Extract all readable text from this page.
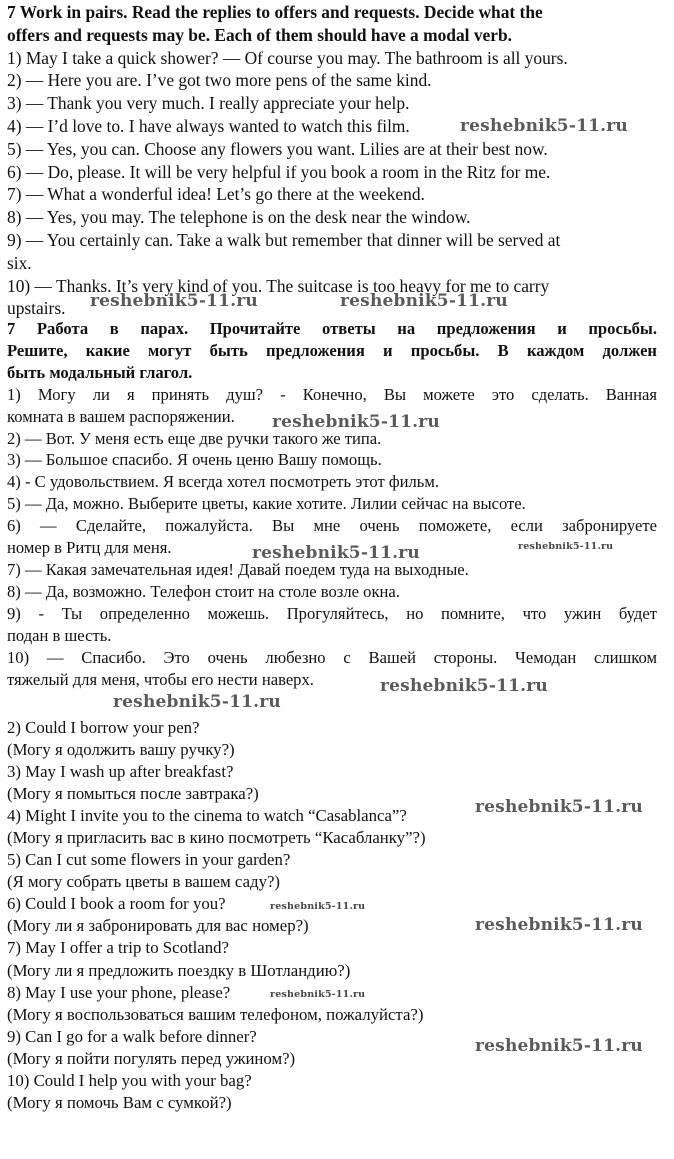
7 Work in pairs. Read the replies to offers and requests. Decide what the
offers and requests may be. Each of them should have a modal verb.
1) May I take a quick shower? — Of course you may. The bathroom is all yours.
2) — Here you are. I’ve got two more pens of the same kind.
3) — Thank you very much. I really appreciate your help.
4) — I’d love to. I have always wanted to watch this film.
5) — Yes, you can. Choose any flowers you want. Lilies are at their best now.
6) — Do, please. It will be very helpful if you book a room in the Ritz for me.
7) — What a wonderful idea! Let’s go there at the weekend.
8) — Yes, you may. The telephone is on the desk near the window.
9) — You certainly can. Take a walk but remember that dinner will be served at
six.
10) — Thanks. It’s very kind of you. The suitcase is too heavy for me to carry
upstairs.
7 Работа в парах. Прочитайте ответы на предложения и просьбы.
Решите, какие могут быть предложения и просьбы. В каждом должен
быть модальный глагол.
1) Могу ли я принять душ? - Конечно, Вы можете это сделать. Ванная
комната в вашем распоряжении.
2) — Вот. У меня есть еще две ручки такого же типа.
3) — Большое спасибо. Я очень ценю Вашу помощь.
4) - С удовольствием. Я всегда хотел посмотреть этот фильм.
5) — Да, можно. Выберите цветы, какие хотите. Лилии сейчас на высоте.
6) — Сделайте, пожалуйста. Вы мне очень поможете, если забронируете
номер в Ритц для меня.
7) — Какая замечательная идея! Давай поедем туда на выходные.
8) — Да, возможно. Телефон стоит на столе возле окна.
9) - Ты определенно можешь. Прогуляйтесь, но помните, что ужин будет
подан в шесть.
10) — Спасибо. Это очень любезно с Вашей стороны. Чемодан слишком
тяжелый для меня, чтобы его нести наверх.
2) Could I borrow your pen?
(Могу я одолжить вашу ручку?)
3) May I wash up after breakfast?
(Могу я помыться после завтрака?)
4) Might I invite you to the cinema to watch “Casablanca”?
(Могу я пригласить вас в кино посмотреть “Касабланку”?)
5) Can I cut some flowers in your garden?
(Я могу собрать цветы в вашем саду?)
6) Could I book a room for you?
(Могу ли я забронировать для вас номер?)
7) May I offer a trip to Scotland?
(Могу ли я предложить поездку в Шотландию?)
8) May I use your phone, please?
(Могу я воспользоваться вашим телефоном, пожалуйста?)
9) Can I go for a walk before dinner?
(Могу я пойти погулять перед ужином?)
10) Could I help you with your bag?
(Могу я помочь Вам с сумкой?)
reshebnik5-11.ru
reshebnik5-11.ru	reshebnik5-11.ru
reshebnik5-11.ru
reshebnik5-11.ru	reshebnik5-11.ru
reshebnik5-11.ru
reshebnik5-11.ru
reshebnik5-11.ru
reshebnik5-11.ru
reshebnik5-11.ru
reshebnik5-11.ru
reshebnik5-11.ru
